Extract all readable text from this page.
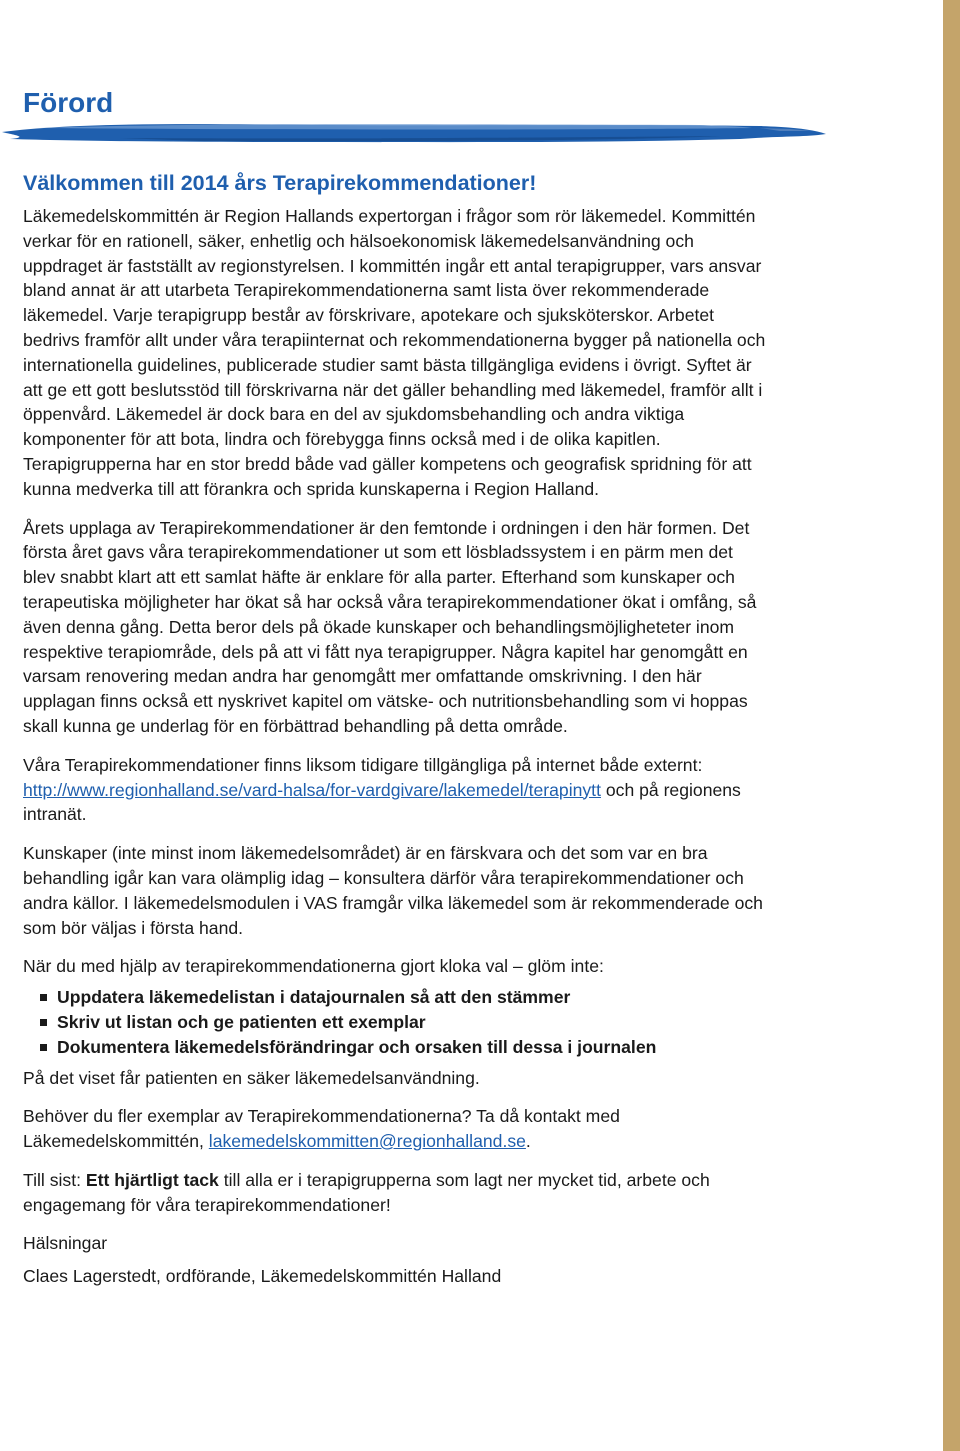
Förord
Välkommen till 2014 års Terapirekommendationer!

Läkemedelskommittén är Region Hallands expertorgan i frågor som rör läkemedel. Kommittén verkar för en rationell, säker, enhetlig och hälsoekonomisk läkemedelsanvändning och uppdraget är fastställt av regionstyrelsen. I kommittén ingår ett antal terapigrupper, vars ansvar bland annat är att utarbeta Terapirekommendationerna samt lista över rekommenderade läkemedel. Varje terapigrupp består av förskrivare, apotekare och sjuksköterskor. Arbetet bedrivs framför allt under våra terapiinternat och rekommendationerna bygger på nationella och internationella guidelines, publicerade studier samt bästa tillgängliga evidens i övrigt. Syftet är att ge ett gott beslutsstöd till förskrivarna när det gäller behandling med läkemedel, framför allt i öppenvård. Läkemedel är dock bara en del av sjukdomsbehandling och andra viktiga komponenter för att bota, lindra och förebygga finns också med i de olika kapitlen. Terapigrupperna har en stor bredd både vad gäller kompetens och geografisk spridning för att kunna medverka till att förankra och sprida kunskaperna i Region Halland.

Årets upplaga av Terapirekommendationer är den femtonde i ordningen i den här formen. Det första året gavs våra terapirekommendationer ut som ett lösbladssystem i en pärm men det blev snabbt klart att ett samlat häfte är enklare för alla parter. Efterhand som kunskaper och terapeutiska möjligheter har ökat så har också våra terapirekommendationer ökat i omfång, så även denna gång. Detta beror dels på ökade kunskaper och behandlingsmöjligheteter inom respektive terapiområde, dels på att vi fått nya terapigrupper. Några kapitel har genomgått en varsam renovering medan andra har genomgått mer omfattande omskrivning. I den här upplagan finns också ett nyskrivet kapitel om vätske- och nutritionsbehandling som vi hoppas skall kunna ge underlag för en förbättrad behandling på detta område.

Våra Terapirekommendationer finns liksom tidigare tillgängliga på internet både externt: http://www.regionhalland.se/vard-halsa/for-vardgivare/lakemedel/terapinytt och på regionens intranät.

Kunskaper (inte minst inom läkemedelsområdet) är en färskvara och det som var en bra behandling igår kan vara olämplig idag – konsultera därför våra terapirekommendationer och andra källor. I läkemedelsmodulen i VAS framgår vilka läkemedel som är rekommenderade och som bör väljas i första hand.

När du med hjälp av terapirekommendationerna gjort kloka val – glöm inte:

Uppdatera läkemedelistan i datajournalen så att den stämmer
Skriv ut listan och ge patienten ett exemplar
Dokumentera läkemedelsförändringar och orsaken till dessa i journalen

På det viset får patienten en säker läkemedelsanvändning.

Behöver du fler exemplar av Terapirekommendationerna? Ta då kontakt med Läkemedelskommittén, lakemedelskommitten@regionhalland.se.

Till sist: Ett hjärtligt tack till alla er i terapigrupperna som lagt ner mycket tid, arbete och engagemang för våra terapirekommendationer!

Hälsningar

Claes Lagerstedt, ordförande, Läkemedelskommittén Halland
